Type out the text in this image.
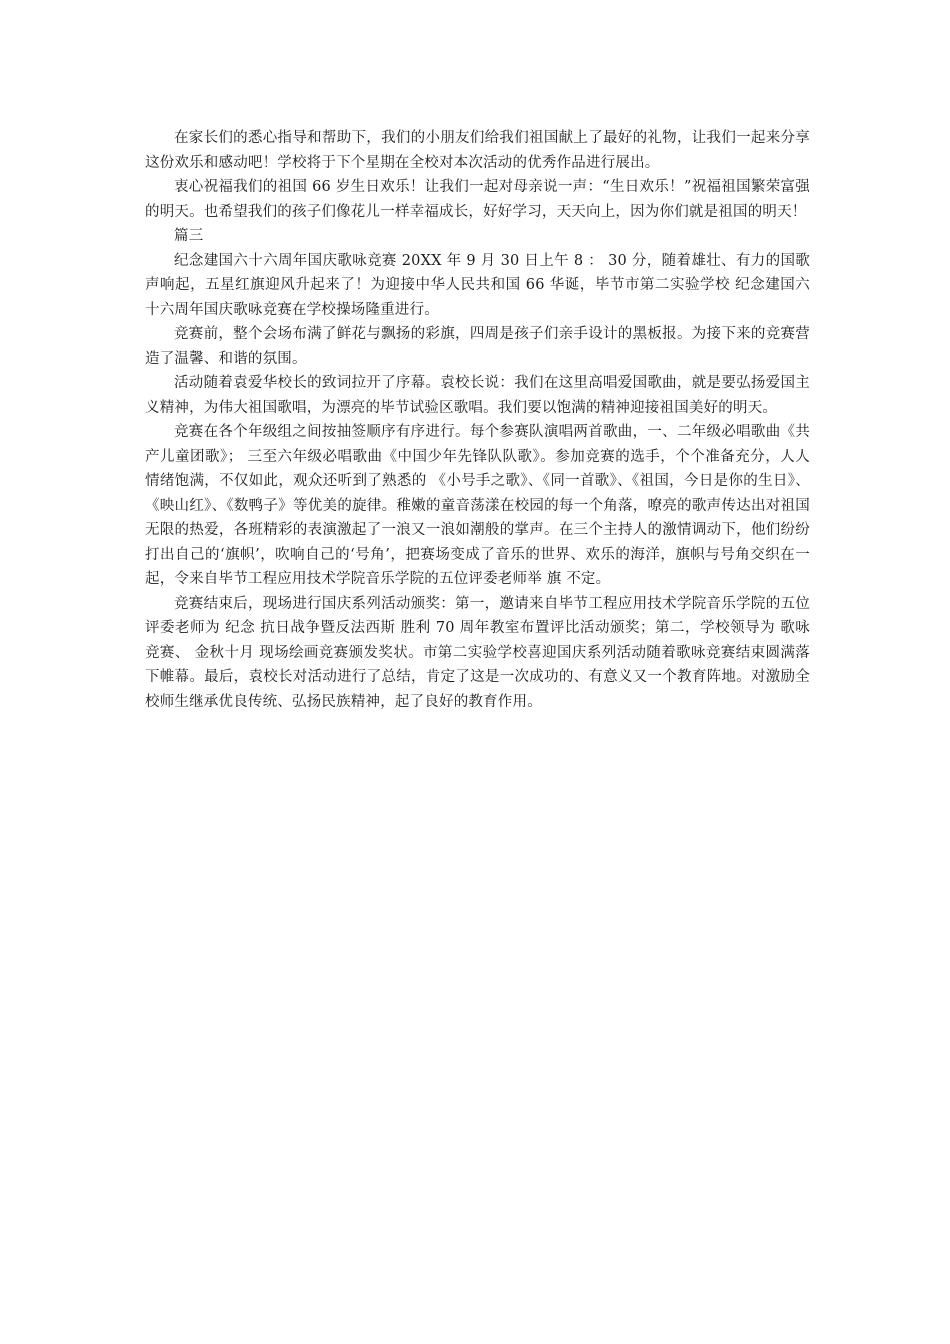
在家长们的悉心指导和帮助下，我们的小朋友们给我们祖国献上了最好的礼物，让我们一起来分享这份欢乐和感动吧！学校将于下个星期在全校对本次活动的优秀作品进行展出。

衷心祝福我们的祖国 66 岁生日欢乐！让我们一起对母亲说一声：“生日欢乐！”祝福祖国繁荣富强的明天。也希望我们的孩子们像花儿一样幸福成长，好好学习，天天向上，因为你们就是祖国的明天！

篇三

纪念建国六十六周年国庆歌咏竞赛 20XX 年 9 月 30 日上午 8 ： 30 分，随着雄壮、有力的国歌声响起，五星红旗迎风升起来了！为迎接中华人民共和国 66 华诞，毕节市第二实验学校 纪念建国六十六周年国庆歌咏竞赛在学校操场隆重进行。

竞赛前，整个会场布满了鲜花与飘扬的彩旗，四周是孩子们亲手设计的黑板报。为接下来的竞赛营造了温馨、和谐的氛围。

活动随着袁爱华校长的致词拉开了序幕。袁校长说：我们在这里高唱爱国歌曲，就是要弘扬爱国主义精神，为伟大祖国歌唱，为漂亮的毕节试验区歌唱。我们要以饱满的精神迎接祖国美好的明天。

竞赛在各个年级组之间按抽签顺序有序进行。每个参赛队演唱两首歌曲，一、二年级必唱歌曲《共产儿童团歌》； 三至六年级必唱歌曲《中国少年先锋队队歌》。参加竞赛的选手，个个准备充分，人人情绪饱满，不仅如此，观众还听到了熟悉的 《小号手之歌》、《同一首歌》、《祖国，今日是你的生日》、《映山红》、《数鸭子》等优美的旋律。稚嫩的童音荡漾在校园的每一个角落，嘹亮的歌声传达出对祖国无限的热爱，各班精彩的表演激起了一浪又一浪如潮般的掌声。在三个主持人的激情调动下，他们纷纷打出自己的‘旗帜’，吹响自己的‘号角’，把赛场变成了音乐的世界、欢乐的海洋，旗帜与号角交织在一起，令来自毕节工程应用技术学院音乐学院的五位评委老师举 旗 不定。

竞赛结束后，现场进行国庆系列活动颁奖：第一，邀请来自毕节工程应用技术学院音乐学院的五位评委老师为 纪念 抗日战争暨反法西斯 胜利 70 周年教室布置评比活动颁奖；第二，学校领导为 歌咏竞赛、 金秋十月 现场绘画竞赛颁发奖状。市第二实验学校喜迎国庆系列活动随着歌咏竞赛结束圆满落下帷幕。最后，袁校长对活动进行了总结，肯定了这是一次成功的、有意义又一个教育阵地。对激励全校师生继承优良传统、弘扬民族精神，起了良好的教育作用。
